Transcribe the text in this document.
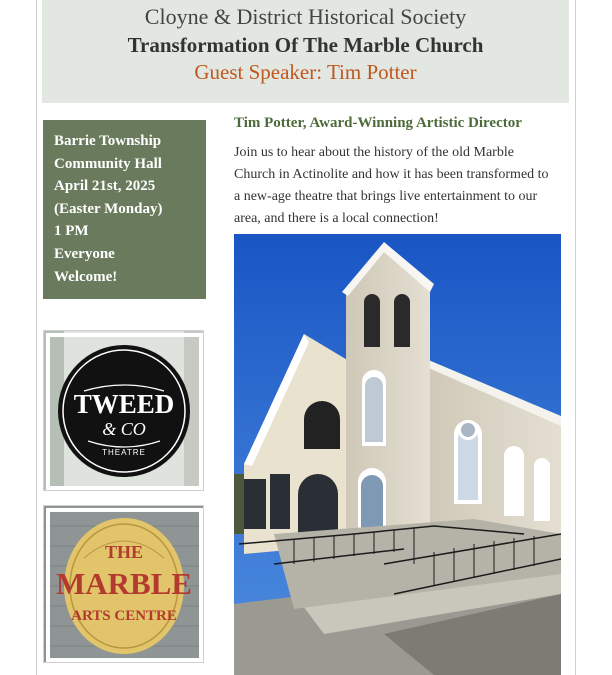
Cloyne & District Historical Society
Transformation Of The Marble Church
Guest Speaker: Tim Potter
Barrie Township
Community Hall
April 21st, 2025
(Easter Monday)
1 PM
Everyone
Welcome!
TWEED
& CO
THEATRE
THE
MARBLE
ARTS CENTRE
Tim Potter, Award-Winning Artistic Director
Join us to hear about the history of the old Marble
Church in Actinolite and how it has been transformed to
a new-age theatre that brings live entertainment to our
area, and there is a local connection!
